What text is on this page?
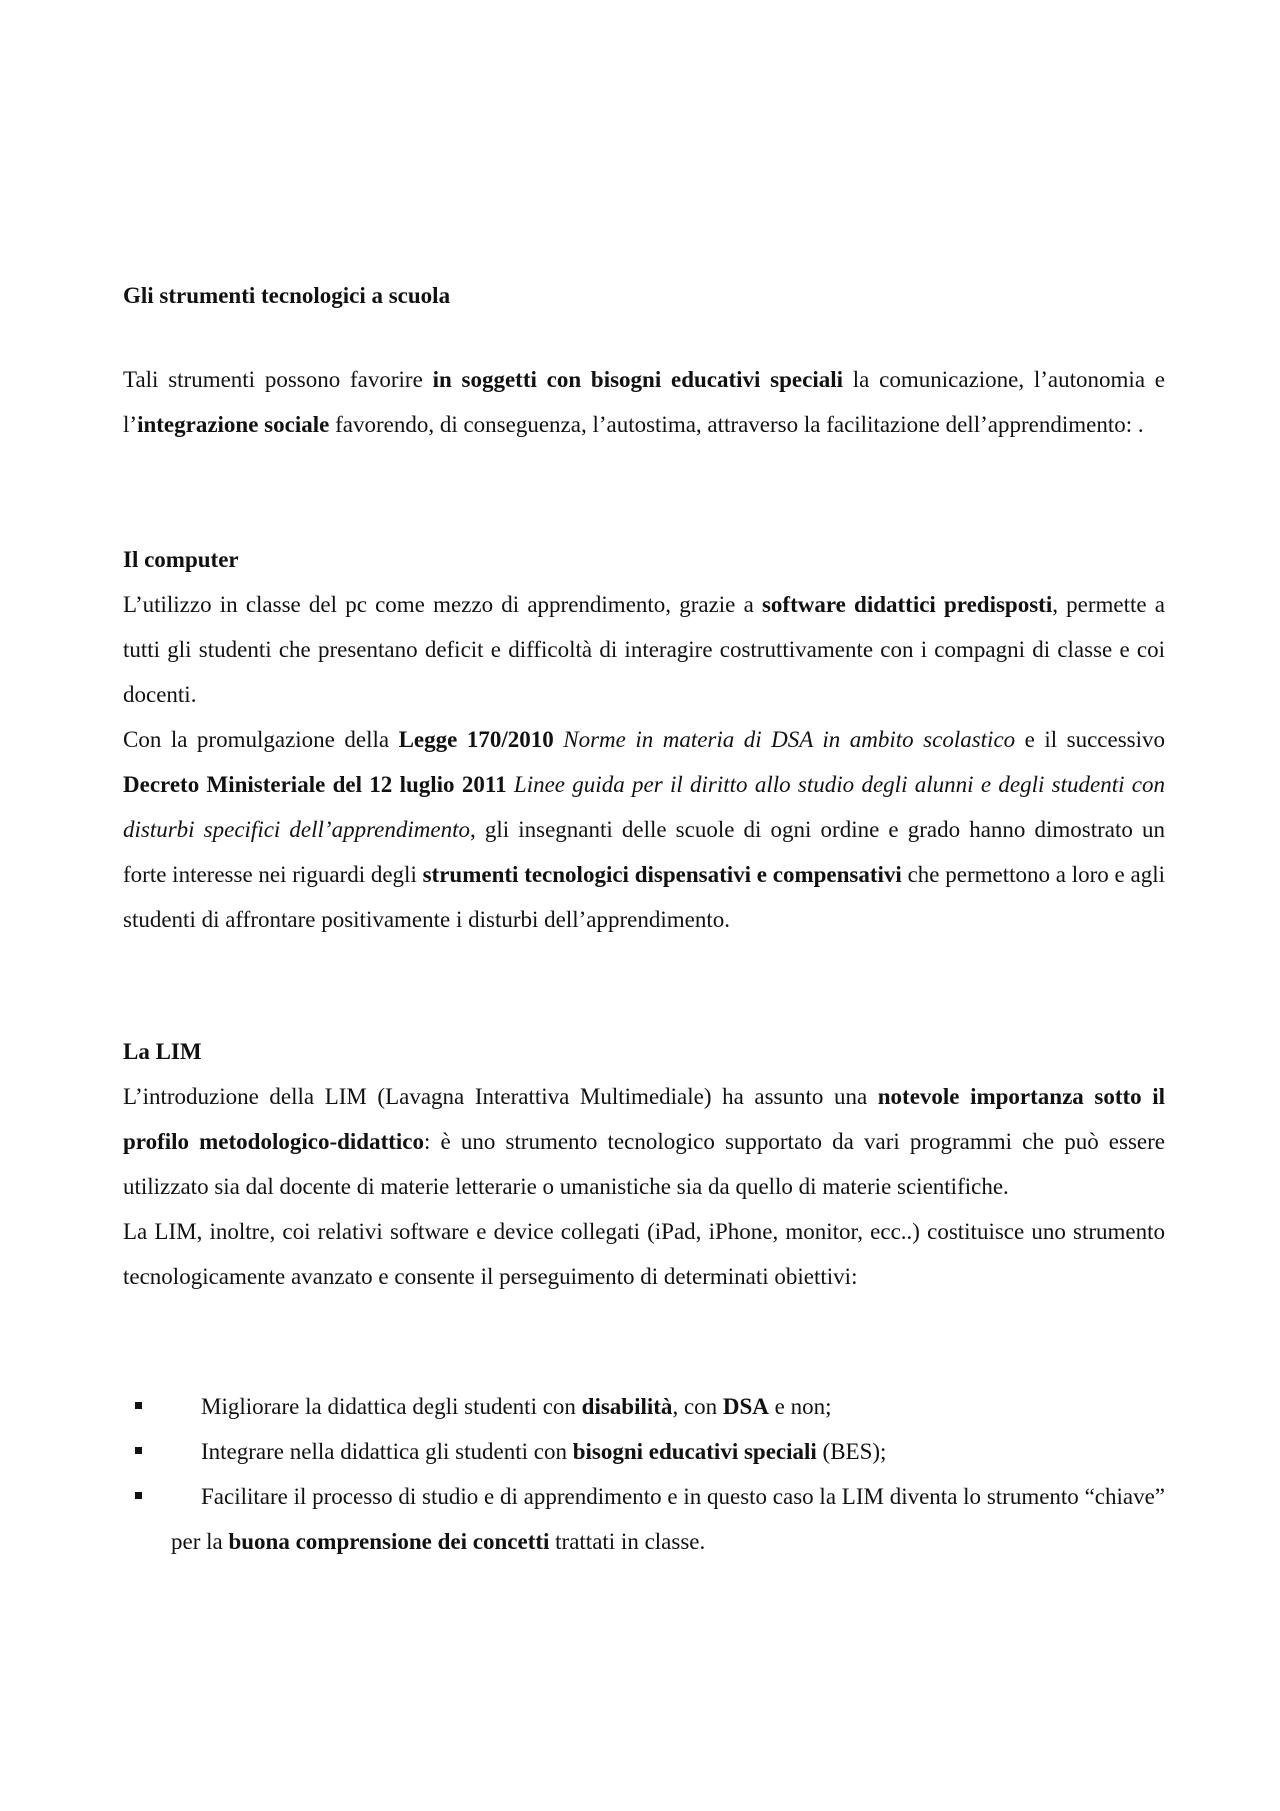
Gli strumenti tecnologici a scuola

Tali strumenti possono favorire in soggetti con bisogni educativi speciali la comunicazione, l’autonomia e l’integrazione sociale favorendo, di conseguenza, l’autostima, attraverso la facilitazione dell’apprendimento: .

Il computer

L’utilizzo in classe del pc come mezzo di apprendimento, grazie a software didattici predisposti, permette a tutti gli studenti che presentano deficit e difficoltà di interagire costruttivamente con i compagni di classe e coi docenti.

Con la promulgazione della Legge 170/2010 Norme in materia di DSA in ambito scolastico e il successivo Decreto Ministeriale del 12 luglio 2011 Linee guida per il diritto allo studio degli alunni e degli studenti con disturbi specifici dell’apprendimento, gli insegnanti delle scuole di ogni ordine e grado hanno dimostrato un forte interesse nei riguardi degli strumenti tecnologici dispensativi e compensativi che permettono a loro e agli studenti di affrontare positivamente i disturbi dell’apprendimento.

La LIM

L’introduzione della LIM (Lavagna Interattiva Multimediale) ha assunto una notevole importanza sotto il profilo metodologico-didattico: è uno strumento tecnologico supportato da vari programmi che può essere utilizzato sia dal docente di materie letterarie o umanistiche sia da quello di materie scientifiche.

La LIM, inoltre, coi relativi software e device collegati (iPad, iPhone, monitor, ecc..) costituisce uno strumento tecnologicamente avanzato e consente il perseguimento di determinati obiettivi:

Migliorare la didattica degli studenti con disabilità, con DSA e non;
Integrare nella didattica gli studenti con bisogni educativi speciali (BES);
Facilitare il processo di studio e di apprendimento e in questo caso la LIM diventa lo strumento “chiave” per la buona comprensione dei concetti trattati in classe.
